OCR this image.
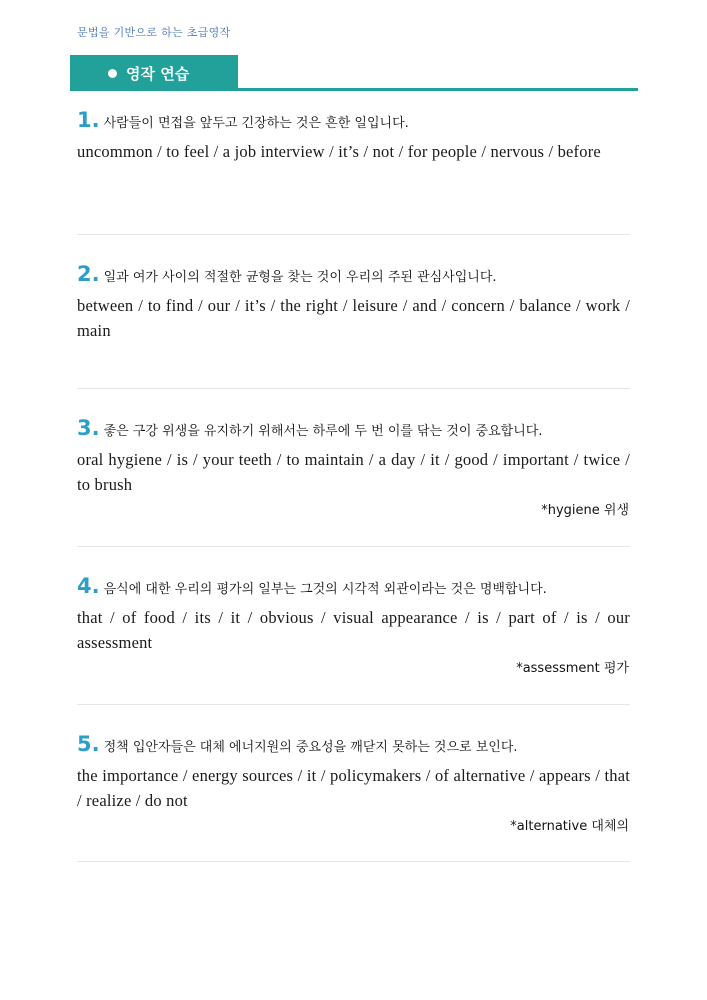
문법을 기반으로 하는 초급영작
영작 연습
1. 사람들이 면접을 앞두고 긴장하는 것은 흔한 일입니다.
uncommon / to feel / a job interview / it’s / not / for people / nervous / before
2. 일과 여가 사이의 적절한 균형을 찾는 것이 우리의 주된 관심사입니다.
between / to find / our / it’s / the right / leisure / and / concern / balance / work / main
3. 좋은 구강 위생을 유지하기 위해서는 하루에 두 번 이를 닦는 것이 중요합니다.
oral hygiene / is / your teeth / to maintain / a day / it / good / important / twice / to brush
*hygiene 위생
4. 음식에 대한 우리의 평가의 일부는 그것의 시각적 외관이라는 것은 명백합니다.
that / of food / its / it / obvious / visual appearance / is / part of / is / our assessment
*assessment 평가
5. 정책 입안자들은 대체 에너지원의 중요성을 깨닫지 못하는 것으로 보인다.
the importance / energy sources / it / policymakers / of alternative / appears / that / realize / do not
*alternative 대체의
